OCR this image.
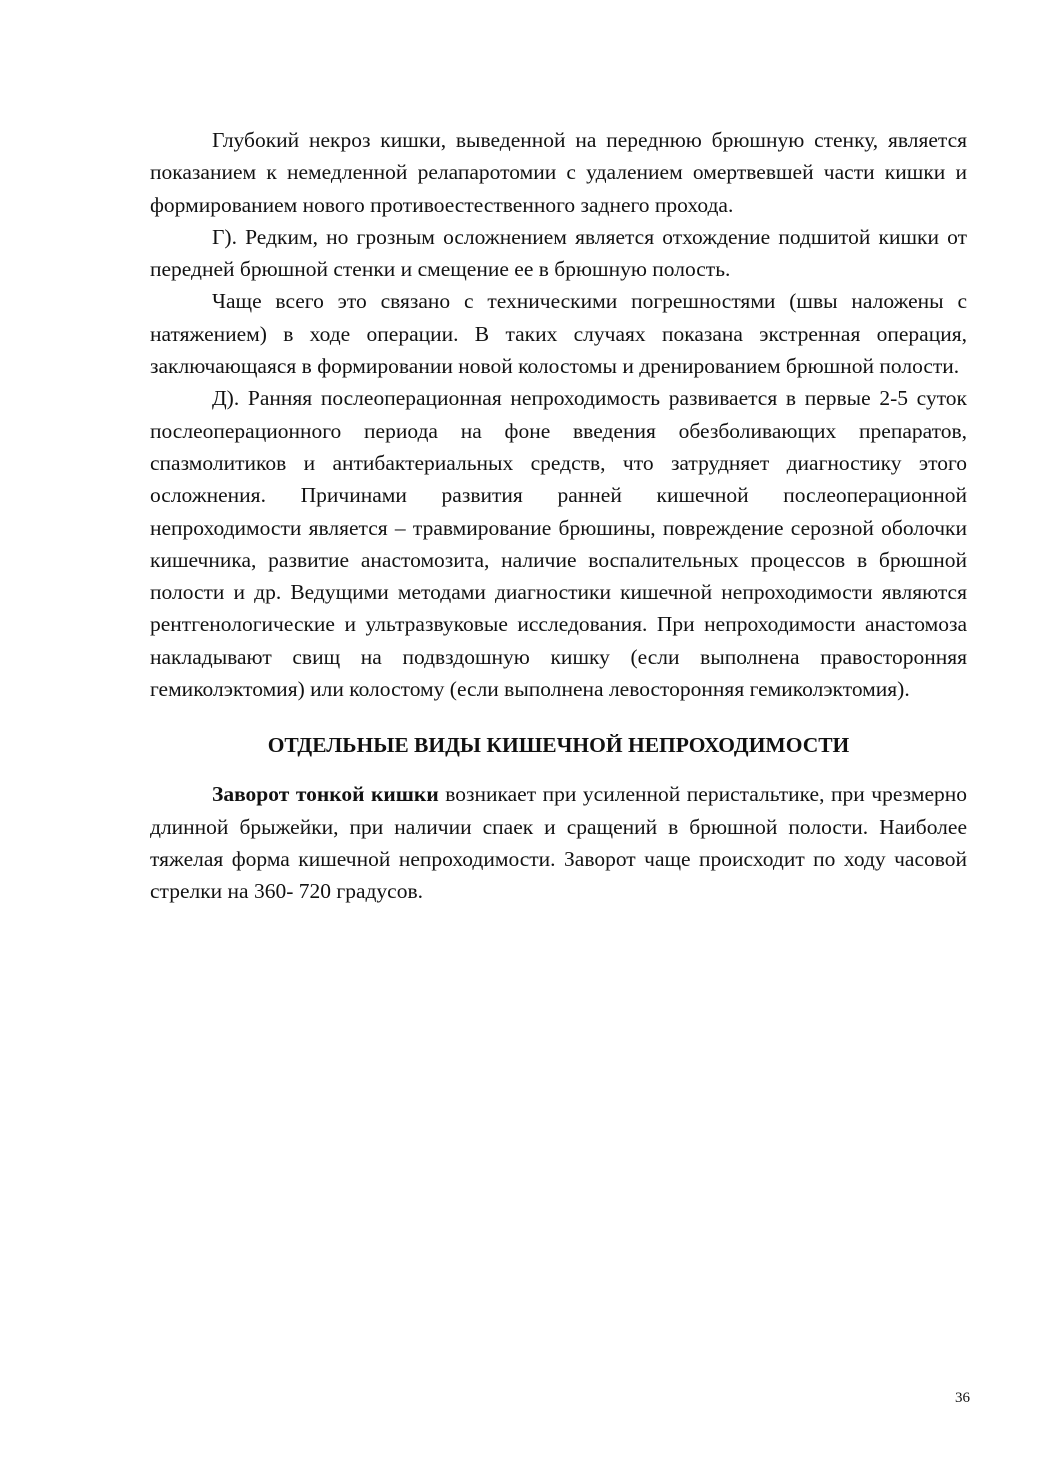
Глубокий некроз кишки, выведенной на переднюю брюшную стенку, является показанием к немедленной релапаротомии с удалением омертвевшей части кишки и формированием нового противоестественного заднего прохода.

Г). Редким, но грозным осложнением является отхождение подшитой кишки от передней брюшной стенки и смещение ее в брюшную полость.

Чаще всего это связано с техническими погрешностями (швы наложены с натяжением) в ходе операции. В таких случаях показана экстренная операция, заключающаяся в формировании новой колостомы и дренированием брюшной полости.

Д). Ранняя послеоперационная непроходимость развивается в первые 2-5 суток послеоперационного периода на фоне введения обезболивающих препаратов, спазмолитиков и антибактериальных средств, что затрудняет диагностику этого осложнения. Причинами развития ранней кишечной послеоперационной непроходимости является – травмирование брюшины, повреждение серозной оболочки кишечника, развитие анастомозита, наличие воспалительных процессов в брюшной полости и др. Ведущими методами диагностики кишечной непроходимости являются рентгенологические и ультразвуковые исследования. При непроходимости анастомоза накладывают свищ на подвздошную кишку (если выполнена правосторонняя гемиколэктомия) или колостому (если выполнена левосторонняя гемиколэктомия).

ОТДЕЛЬНЫЕ ВИДЫ КИШЕЧНОЙ НЕПРОХОДИМОСТИ

Заворот тонкой кишки возникает при усиленной перистальтике, при чрезмерно длинной брыжейки, при наличии спаек и сращений в брюшной полости. Наиболее тяжелая форма кишечной непроходимости. Заворот чаще происходит по ходу часовой стрелки на 360- 720 градусов.

36
